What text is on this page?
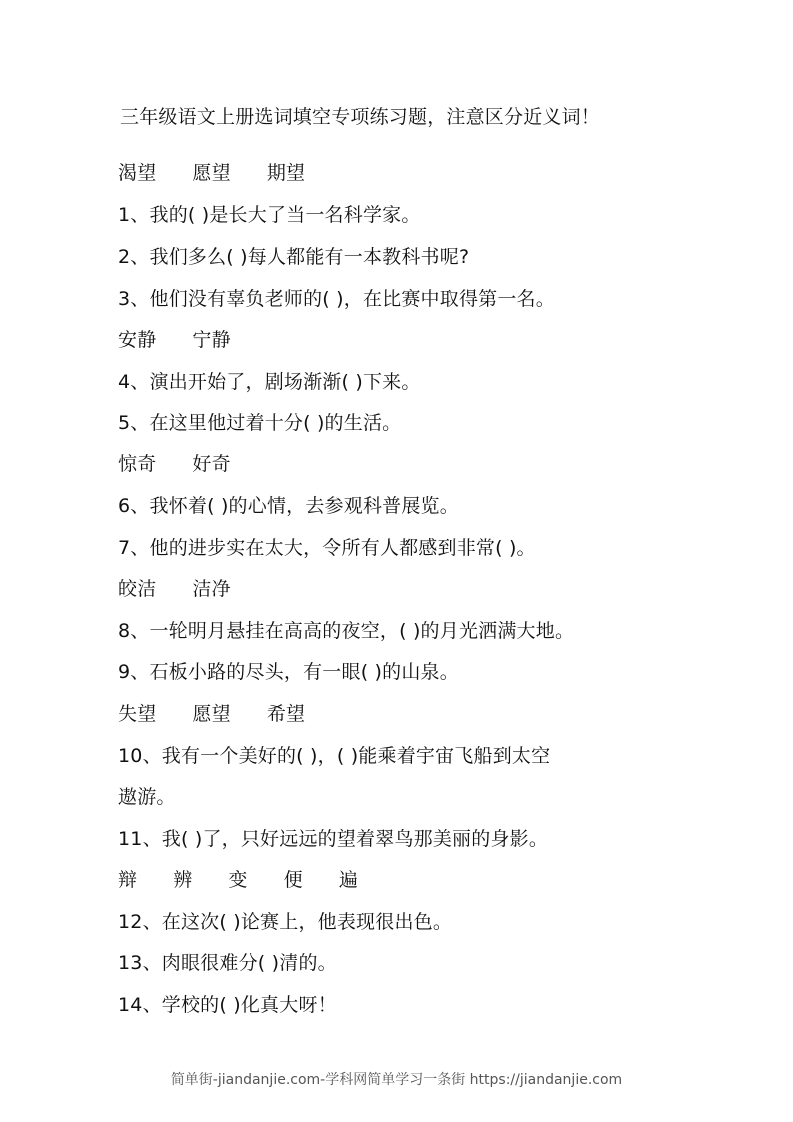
三年级语文上册选词填空专项练习题，注意区分近义词！
渴望 愿望 期望
1、我的( )是长大了当一名科学家。
2、我们多么( )每人都能有一本教科书呢?
3、他们没有辜负老师的( )，在比赛中取得第一名。
安静 宁静
4、演出开始了，剧场渐渐( )下来。
5、在这里他过着十分( )的生活。
惊奇 好奇
6、我怀着( )的心情，去参观科普展览。
7、他的进步实在太大，令所有人都感到非常( )。
皎洁 洁净
8、一轮明月悬挂在高高的夜空，( )的月光洒满大地。
9、石板小路的尽头，有一眼( )的山泉。
失望 愿望 希望
10、我有一个美好的( )，( )能乘着宇宙飞船到太空
遨游。
11、我( )了，只好远远的望着翠鸟那美丽的身影。
辩 辨 变 便 遍
12、在这次( )论赛上，他表现很出色。
13、肉眼很难分( )清的。
14、学校的( )化真大呀！
简单街-jiandanjie.com-学科网简单学习一条街 https://jiandanjie.com
